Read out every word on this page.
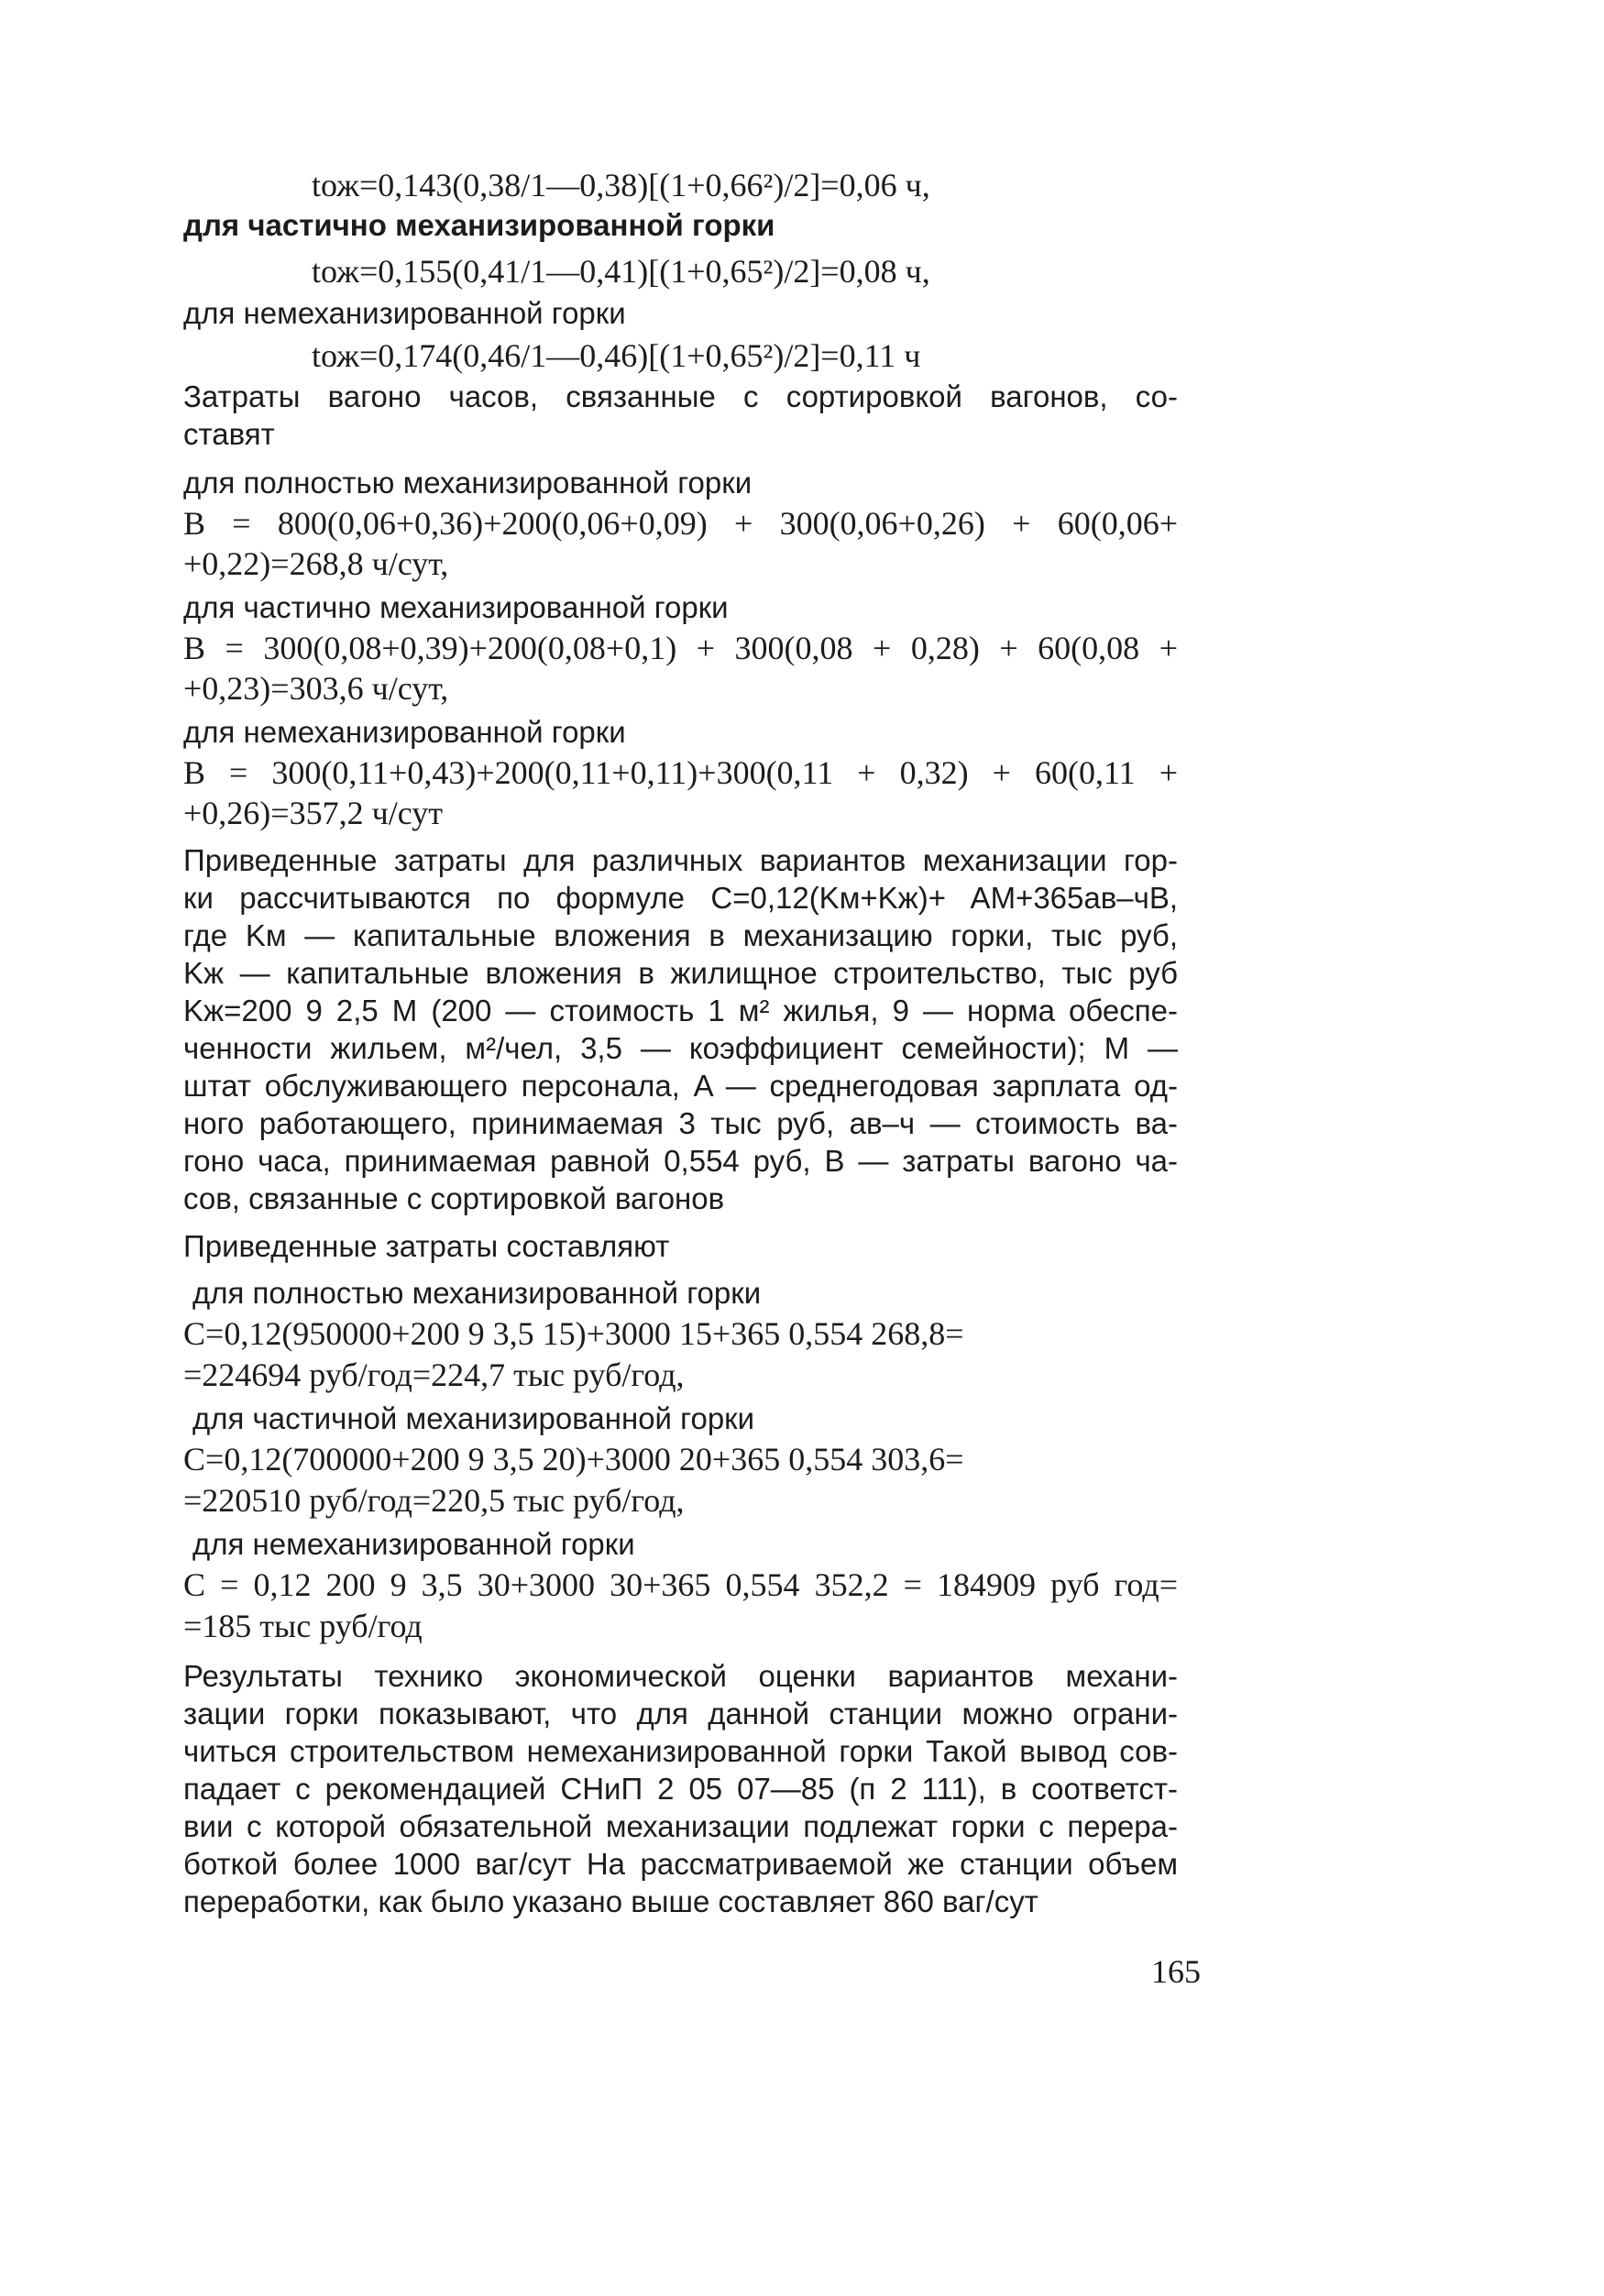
tож=0,143(0,38/1—0,38)[(1+0,66²)/2]=0,06 ч,
для частично механизированной горки
tож=0,155(0,41/1—0,41)[(1+0,65²)/2]=0,08 ч,
для немеханизированной горки
tож=0,174(0,46/1—0,46)[(1+0,65²)/2]=0,11 ч
Затраты вагоно часов, связанные с сортировкой вагонов, со-
ставят
для полностью механизированной горки
B = 800(0,06+0,36)+200(0,06+0,09) + 300(0,06+0,26) + 60(0,06+
+0,22)=268,8 ч/сут,
для частично механизированной горки
B = 300(0,08+0,39)+200(0,08+0,1) + 300(0,08 + 0,28) + 60(0,08 +
+0,23)=303,6 ч/сут,
для немеханизированной горки
B = 300(0,11+0,43)+200(0,11+0,11)+300(0,11 + 0,32) + 60(0,11 +
+0,26)=357,2 ч/сут
Приведенные затраты для различных вариантов механизации гор-
ки рассчитываются по формуле C=0,12(Kм+Kж)+ AM+365aв–чB,
где Kм — капитальные вложения в механизацию горки, тыс руб,
Kж — капитальные вложения в жилищное строительство, тыс руб
Kж=200 9 2,5 M (200 — стоимость 1 м² жилья, 9 — норма обеспе-
ченности жильем, м²/чел, 3,5 — коэффициент семейности); M —
штат обслуживающего персонала, A — среднегодовая зарплата од-
ного работающего, принимаемая 3 тыс руб, aв–ч — стоимость ва-
гоно часа, принимаемая равной 0,554 руб, B — затраты вагоно ча-
сов, связанные с сортировкой вагонов
Приведенные затраты составляют
для полностью механизированной горки
C=0,12(950000+200 9 3,5 15)+3000 15+365 0,554 268,8=
=224694 руб/год=224,7 тыс руб/год,
для частичной механизированной горки
C=0,12(700000+200 9 3,5 20)+3000 20+365 0,554 303,6=
=220510 руб/год=220,5 тыс руб/год,
для немеханизированной горки
C = 0,12 200 9 3,5 30+3000 30+365 0,554 352,2 = 184909 руб год=
=185 тыс руб/год
Результаты технико экономической оценки вариантов механи-
зации горки показывают, что для данной станции можно ограни-
читься строительством немеханизированной горки Такой вывод сов-
падает с рекомендацией СНиП 2 05 07—85 (п 2 111), в соответст-
вии с которой обязательной механизации подлежат горки с перера-
боткой более 1000 ваг/сут На рассматриваемой же станции объем
переработки, как было указано выше составляет 860 ваг/сут
165
